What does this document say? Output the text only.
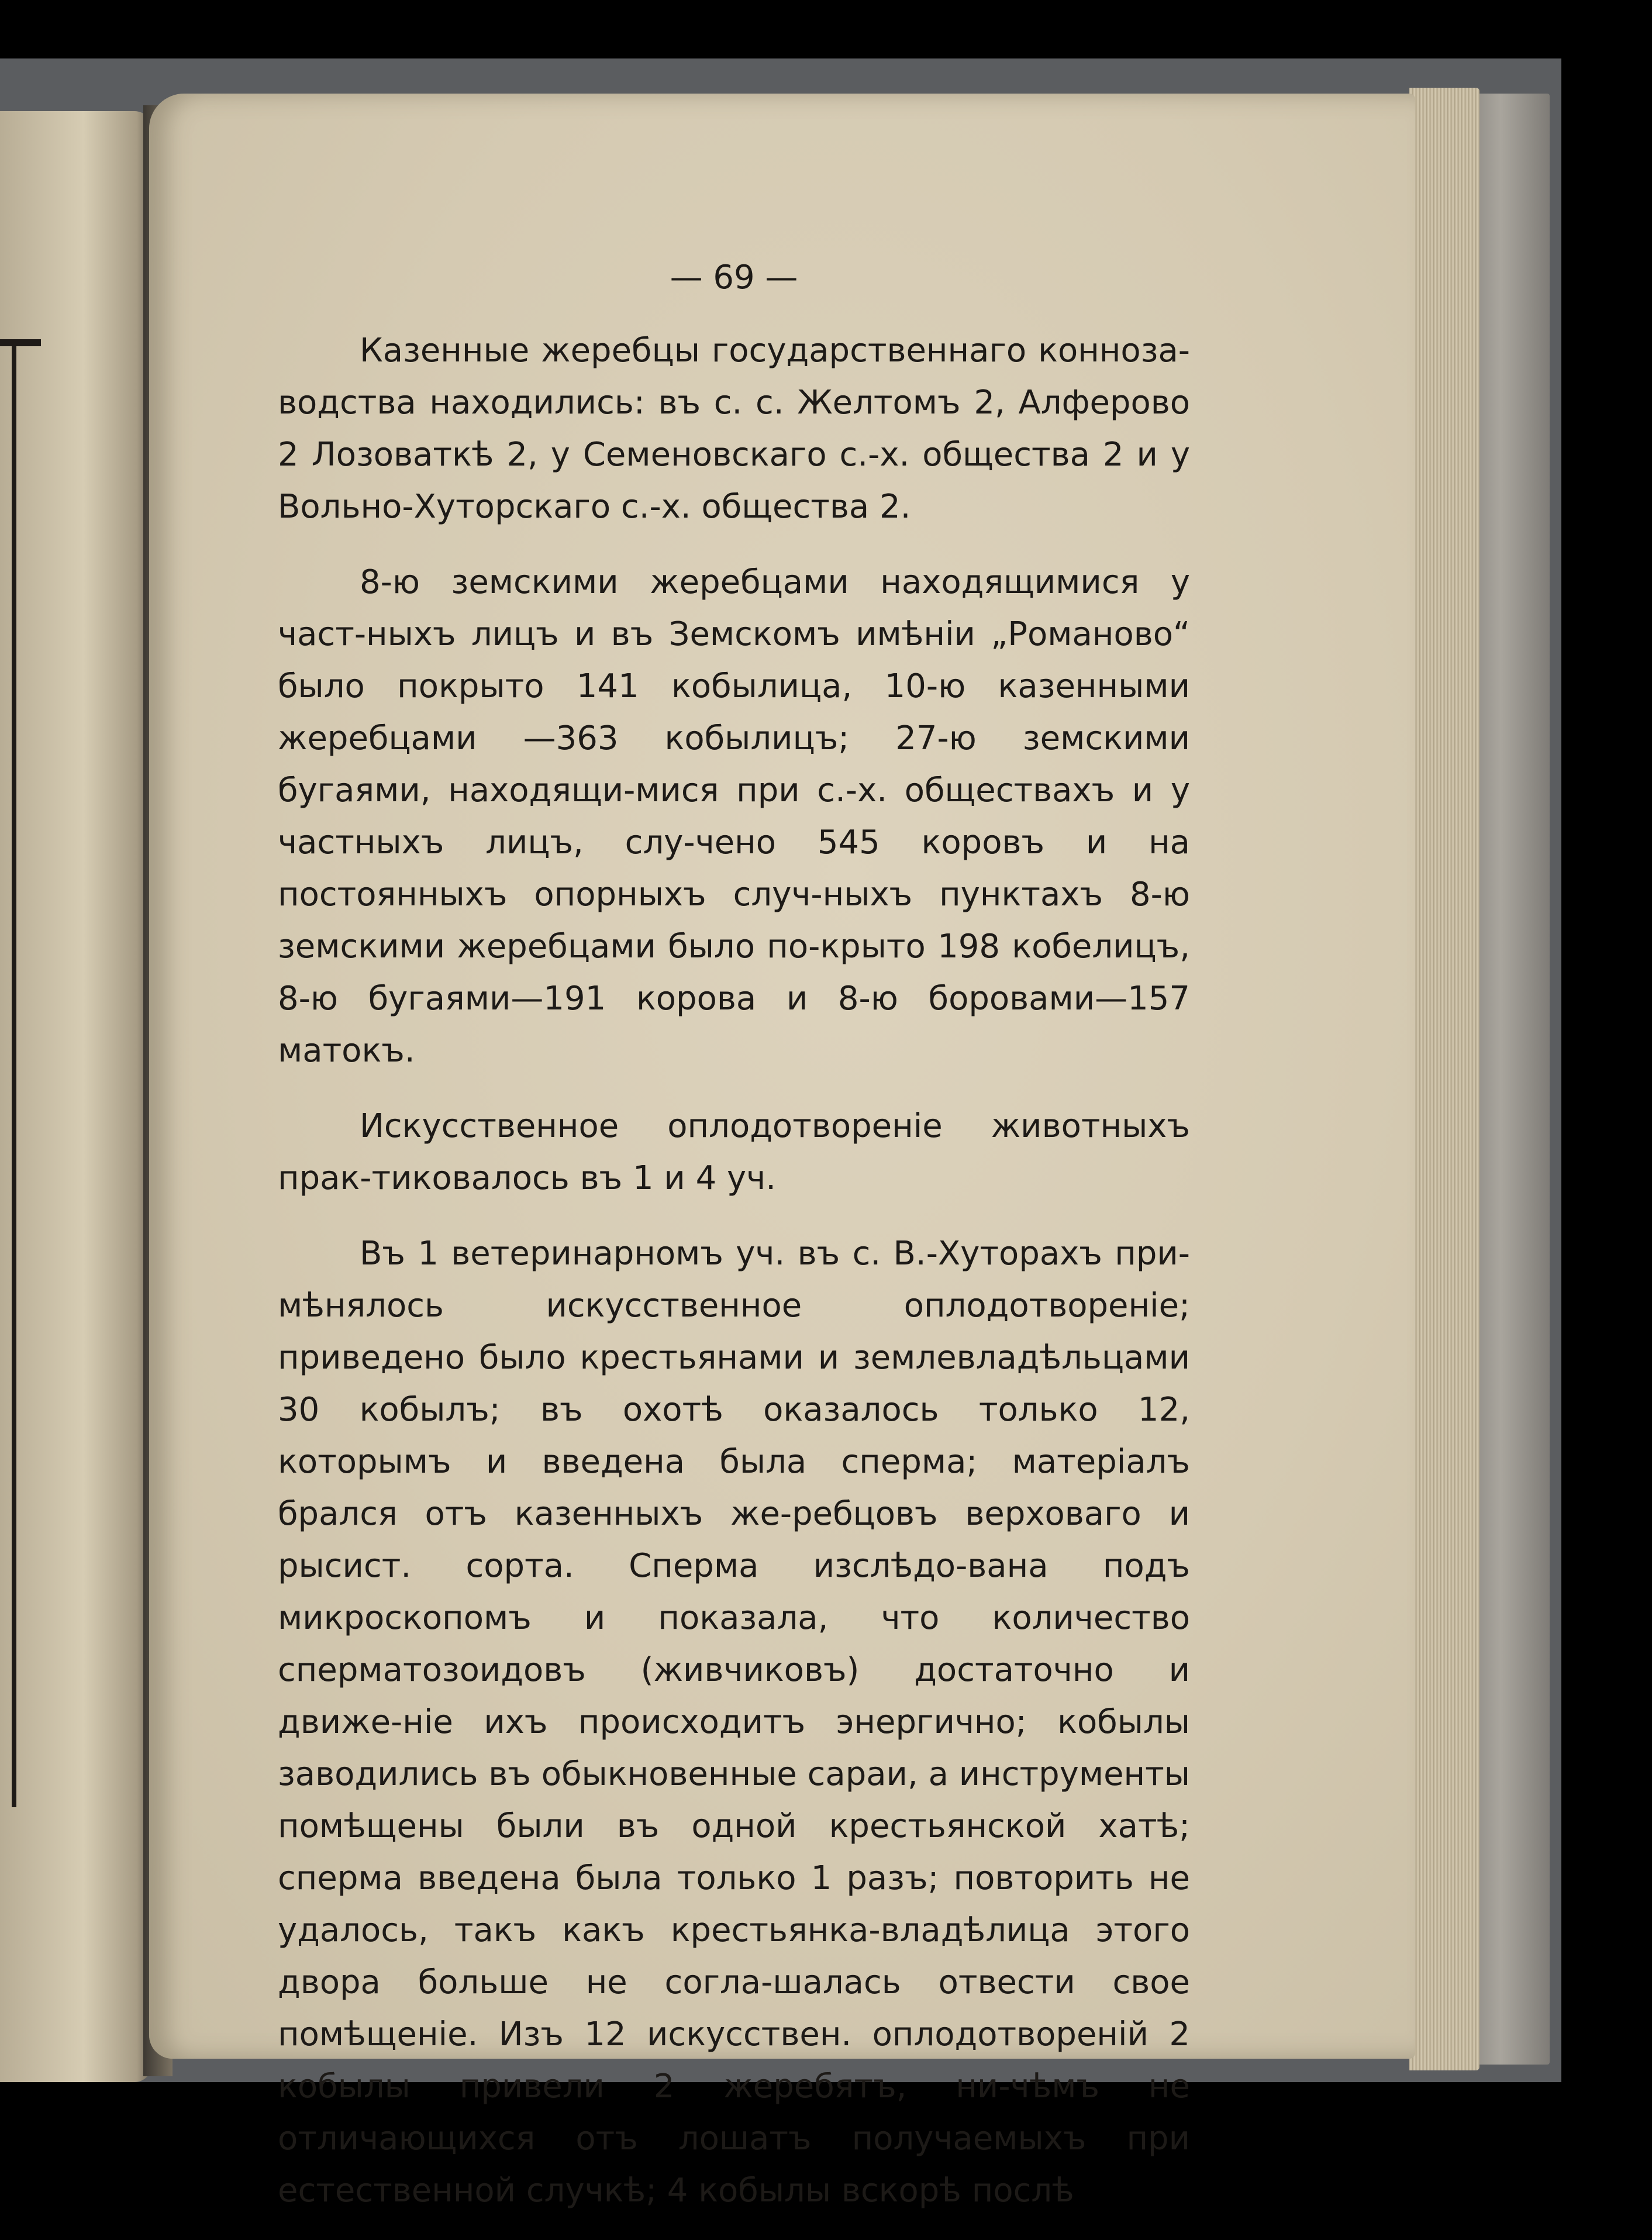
— 69 —

Казенные жеребцы государственнаго конноза-водства находились: въ с. с. Желтомъ 2, Алферово 2 Лозоваткѣ 2, у Семеновскаго с.-х. общества 2 и у Вольно-Хуторскаго с.-х. общества 2.

8-ю земскими жеребцами находящимися у част-ныхъ лицъ и въ Земскомъ имѣніи „Романово“ было покрыто 141 кобылица, 10-ю казенными жеребцами —363 кобылицъ; 27-ю земскими бугаями, находящи-мися при с.-х. обществахъ и у частныхъ лицъ, слу-чено 545 коровъ и на постоянныхъ опорныхъ случ-ныхъ пунктахъ 8-ю земскими жеребцами было по-крыто 198 кобелицъ, 8-ю бугаями—191 корова и 8-ю боровами—157 матокъ.

Искусственное оплодотвореніе животныхъ прак-тиковалось въ 1 и 4 уч.

Въ 1 ветеринарномъ уч. въ с. В.-Хуторахъ при-мѣнялось искусственное оплодотвореніе; приведено было крестьянами и землевладѣльцами 30 кобылъ; въ охотѣ оказалось только 12, которымъ и введена была сперма; матеріалъ брался отъ казенныхъ же-ребцовъ верховаго и рысист. сорта. Сперма изслѣдо-вана подъ микроскопомъ и показала, что количество сперматозоидовъ (живчиковъ) достаточно и движе-ніе ихъ происходитъ энергично; кобылы заводились въ обыкновенные сараи, а инструменты помѣщены были въ одной крестьянской хатѣ; сперма введена была только 1 разъ; повторить не удалось, такъ какъ крестьянка-владѣлица этого двора больше не согла-шалась отвести свое помѣщеніе. Изъ 12 искусствен. оплодотвореній 2 кобылы привели 2 жеребятъ, ни-чѣмъ не отличающихся отъ лошатъ получаемыхъ при естественной случкѣ; 4 кобылы вскорѣ послѣ
